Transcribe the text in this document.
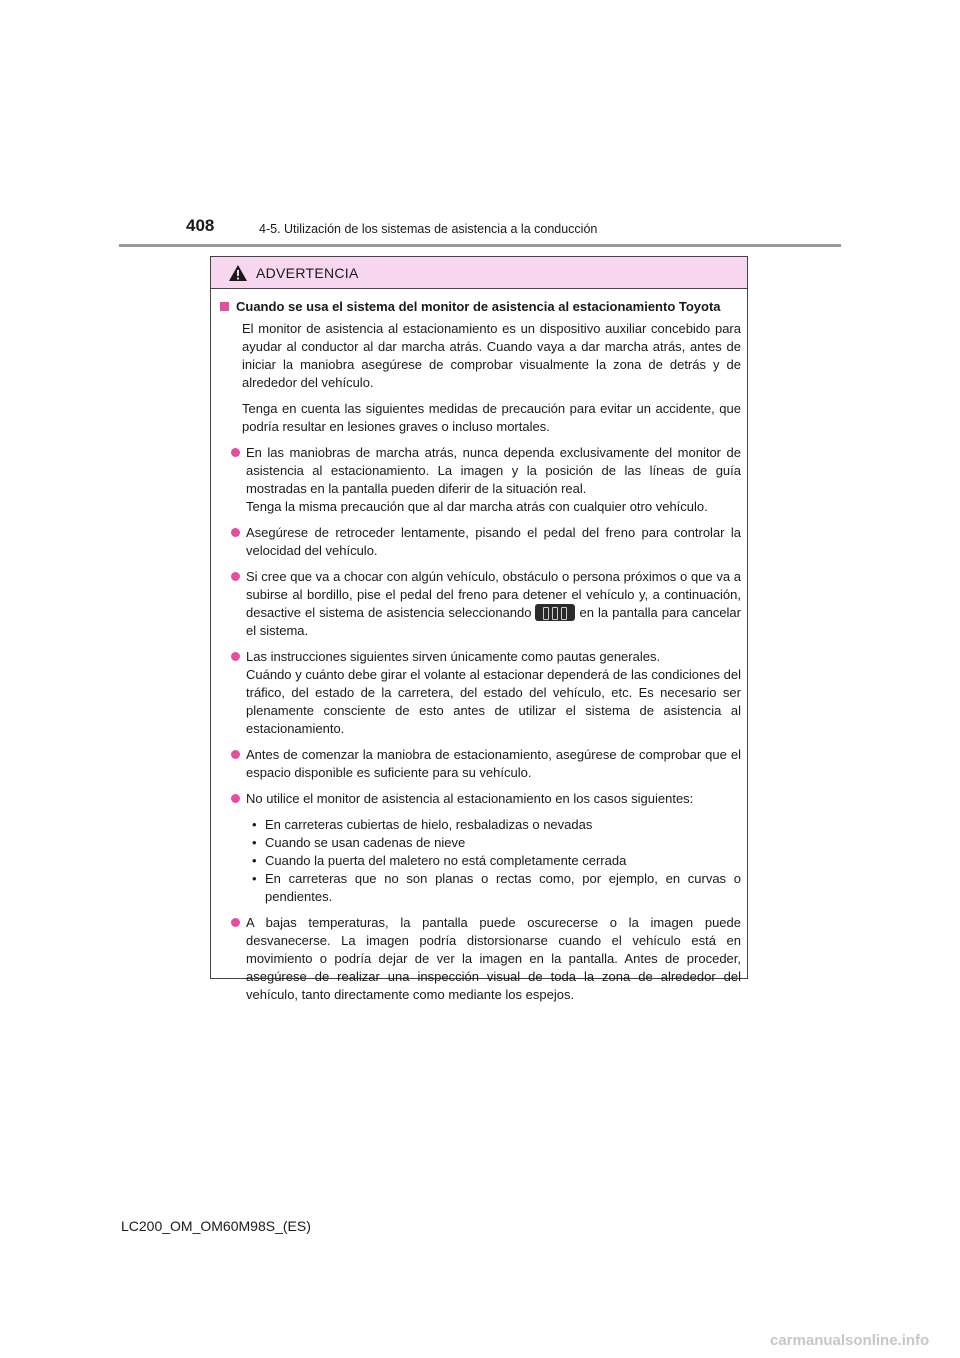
408	4-5. Utilización de los sistemas de asistencia a la conducción
ADVERTENCIA
Cuando se usa el sistema del monitor de asistencia al estacionamiento Toyota

El monitor de asistencia al estacionamiento es un dispositivo auxiliar concebido para ayudar al conductor al dar marcha atrás. Cuando vaya a dar marcha atrás, antes de iniciar la maniobra asegúrese de comprobar visualmente la zona de detrás y de alrededor del vehículo.

Tenga en cuenta las siguientes medidas de precaución para evitar un accidente, que podría resultar en lesiones graves o incluso mortales.

En las maniobras de marcha atrás, nunca dependa exclusivamente del monitor de asistencia al estacionamiento. La imagen y la posición de las líneas de guía mostradas en la pantalla pueden diferir de la situación real.
Tenga la misma precaución que al dar marcha atrás con cualquier otro vehículo.
Asegúrese de retroceder lentamente, pisando el pedal del freno para controlar la velocidad del vehículo.
Si cree que va a chocar con algún vehículo, obstáculo o persona próximos o que va a subirse al bordillo, pise el pedal del freno para detener el vehículo y, a continuación, desactive el sistema de asistencia seleccionando	en la pantalla para cancelar el sistema.
Las instrucciones siguientes sirven únicamente como pautas generales.
Cuándo y cuánto debe girar el volante al estacionar dependerá de las condiciones del tráfico, del estado de la carretera, del estado del vehículo, etc. Es necesario ser plenamente consciente de esto antes de utilizar el sistema de asistencia al estacionamiento.
Antes de comenzar la maniobra de estacionamiento, asegúrese de comprobar que el espacio disponible es suficiente para su vehículo.
No utilice el monitor de asistencia al estacionamiento en los casos siguientes:
• En carreteras cubiertas de hielo, resbaladizas o nevadas
• Cuando se usan cadenas de nieve
• Cuando la puerta del maletero no está completamente cerrada
• En carreteras que no son planas o rectas como, por ejemplo, en curvas o pendientes.
A bajas temperaturas, la pantalla puede oscurecerse o la imagen puede desvanecerse. La imagen podría distorsionarse cuando el vehículo está en movimiento o podría dejar de ver la imagen en la pantalla. Antes de proceder, asegúrese de realizar una inspección visual de toda la zona de alrededor del vehículo, tanto directamente como mediante los espejos.
LC200_OM_OM60M98S_(ES)
carmanualsonline.info
